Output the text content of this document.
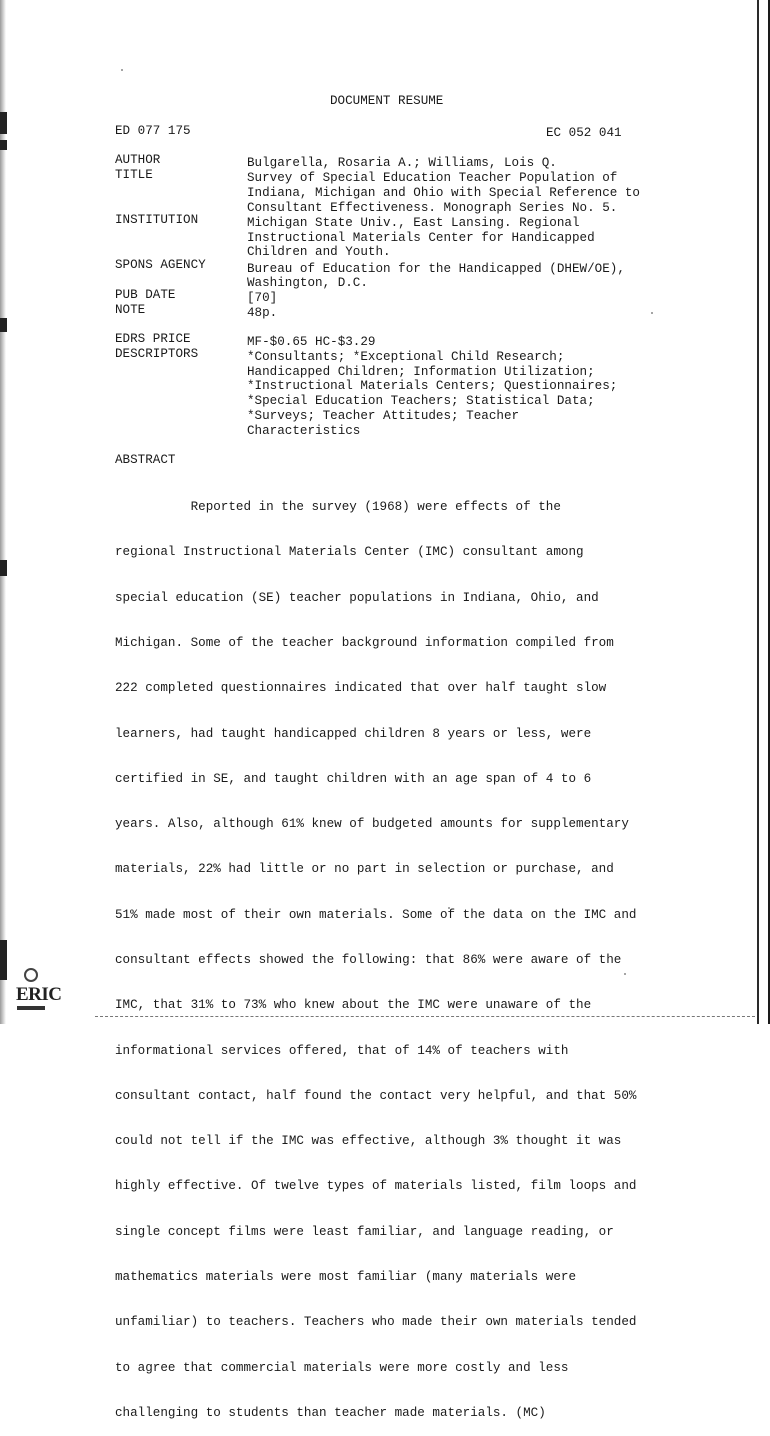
DOCUMENT RESUME
ED 077 175	EC 052 041
AUTHOR	Bulgarella, Rosaria A.; Williams, Lois Q.
TITLE	Survey of Special Education Teacher Population of
Indiana, Michigan and Ohio with Special Reference to
Consultant Effectiveness. Monograph Series No. 5.
INSTITUTION	Michigan State Univ., East Lansing. Regional
Instructional Materials Center for Handicapped
Children and Youth.
SPONS AGENCY	Bureau of Education for the Handicapped (DHEW/OE),
Washington, D.C.
PUB DATE	[70]
NOTE	48p.
EDRS PRICE	MF-$0.65 HC-$3.29
DESCRIPTORS	*Consultants; *Exceptional Child Research;
Handicapped Children; Information Utilization;
*Instructional Materials Centers; Questionnaires;
*Special Education Teachers; Statistical Data;
*Surveys; Teacher Attitudes; Teacher
Characteristics
ABSTRACT

Reported in the survey (1968) were effects of the

regional Instructional Materials Center (IMC) consultant among

special education (SE) teacher populations in Indiana, Ohio, and

Michigan. Some of the teacher background information compiled from

222 completed questionnaires indicated that over half taught slow

learners, had taught handicapped children 8 years or less, were

certified in SE, and taught children with an age span of 4 to 6

years. Also, although 61% knew of budgeted amounts for supplementary

materials, 22% had little or no part in selection or purchase, and

51% made most of their own materials. Some of the data on the IMC and

consultant effects showed the following: that 86% were aware of the

IMC, that 31% to 73% who knew about the IMC were unaware of the

informational services offered, that of 14% of teachers with

consultant contact, half found the contact very helpful, and that 50%

could not tell if the IMC was effective, although 3% thought it was

highly effective. Of twelve types of materials listed, film loops and

single concept films were least familiar, and language reading, or

mathematics materials were most familiar (many materials were

unfamiliar) to teachers. Teachers who made their own materials tended

to agree that commercial materials were more costly and less

challenging to students than teacher made materials. (MC)

ERIC
